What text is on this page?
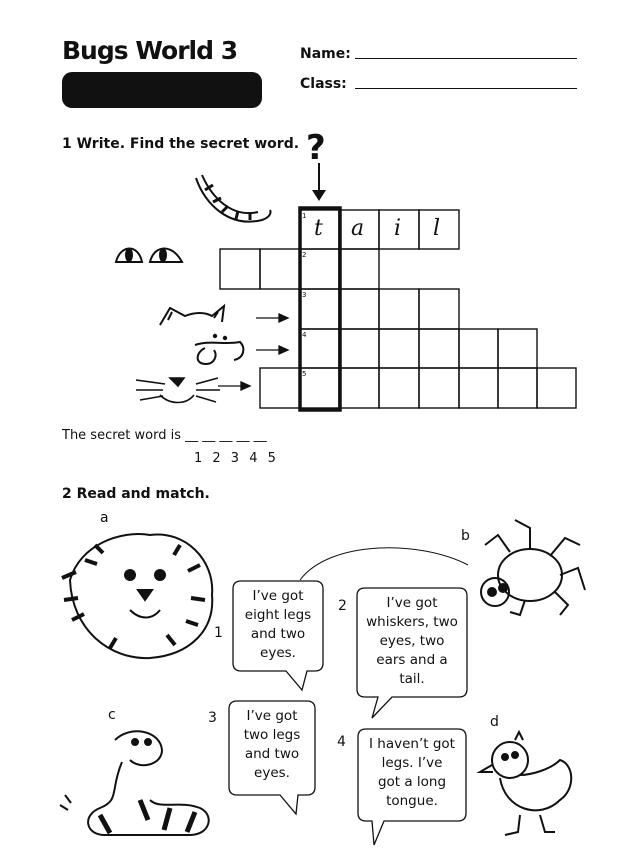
Bugs World 3	Name:
Class:
1 Write. Find the secret word. ?
1
2
3
4
5
t a i l
The secret word is __ __ __ __ __
1 2 3 4 5
2 Read and match.
a
b
c	d
1
2
3
4
I’ve got
eight legs
and two
eyes.
I’ve got
whiskers, two
eyes, two
ears and a
tail.
I’ve got
two legs
and two
eyes.
I haven’t got
legs. I’ve
got a long
tongue.
